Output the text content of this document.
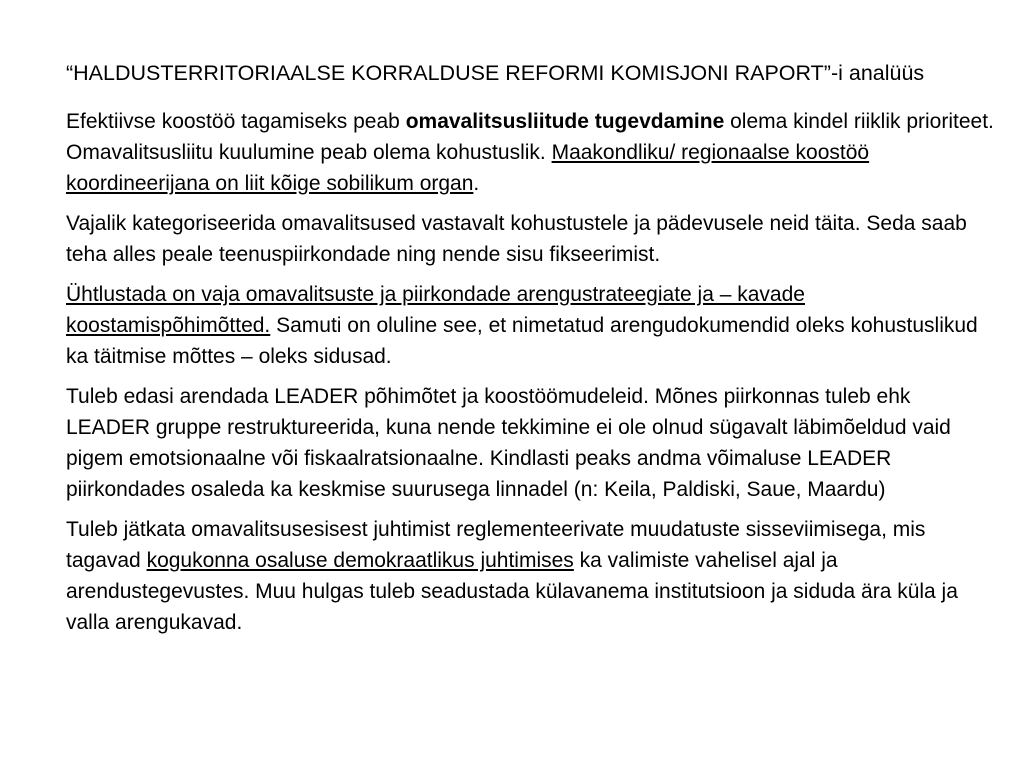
“HALDUSTERRITORIAALSE KORRALDUSE REFORMI KOMISJONI RAPORT”-i analüüs

Efektiivse koostöö tagamiseks peab omavalitsusliitude tugevdamine olema kindel riiklik prioriteet. Omavalitsusliitu kuulumine peab olema kohustuslik. Maakondliku/ regionaalse koostöö koordineerijana on liit kõige sobilikum organ.

Vajalik kategoriseerida omavalitsused vastavalt kohustustele ja pädevusele neid täita. Seda saab teha alles peale teenuspiirkondade ning nende sisu fikseerimist.

Ühtlustada on vaja omavalitsuste ja piirkondade arengustrateegiate ja – kavade koostamispõhimõtted. Samuti on oluline see, et nimetatud arengudokumendid oleks kohustuslikud ka täitmise mõttes – oleks sidusad.

Tuleb edasi arendada LEADER põhimõtet ja koostöömudeleid. Mõnes piirkonnas tuleb ehk LEADER gruppe restruktureerida, kuna nende tekkimine ei ole olnud sügavalt läbimõeldud vaid pigem emotsionaalne või fiskaalratsionaalne. Kindlasti peaks andma võimaluse LEADER piirkondades osaleda ka keskmise suurusega linnadel (n: Keila, Paldiski, Saue, Maardu)

Tuleb jätkata omavalitsusesisest juhtimist reglementeerivate muudatuste sisseviimisega, mis tagavad kogukonna osaluse demokraatlikus juhtimises ka valimiste vahelisel ajal ja arendustegevustes. Muu hulgas tuleb seadustada külavanema institutsioon ja siduda ära küla ja valla arengukavad.
